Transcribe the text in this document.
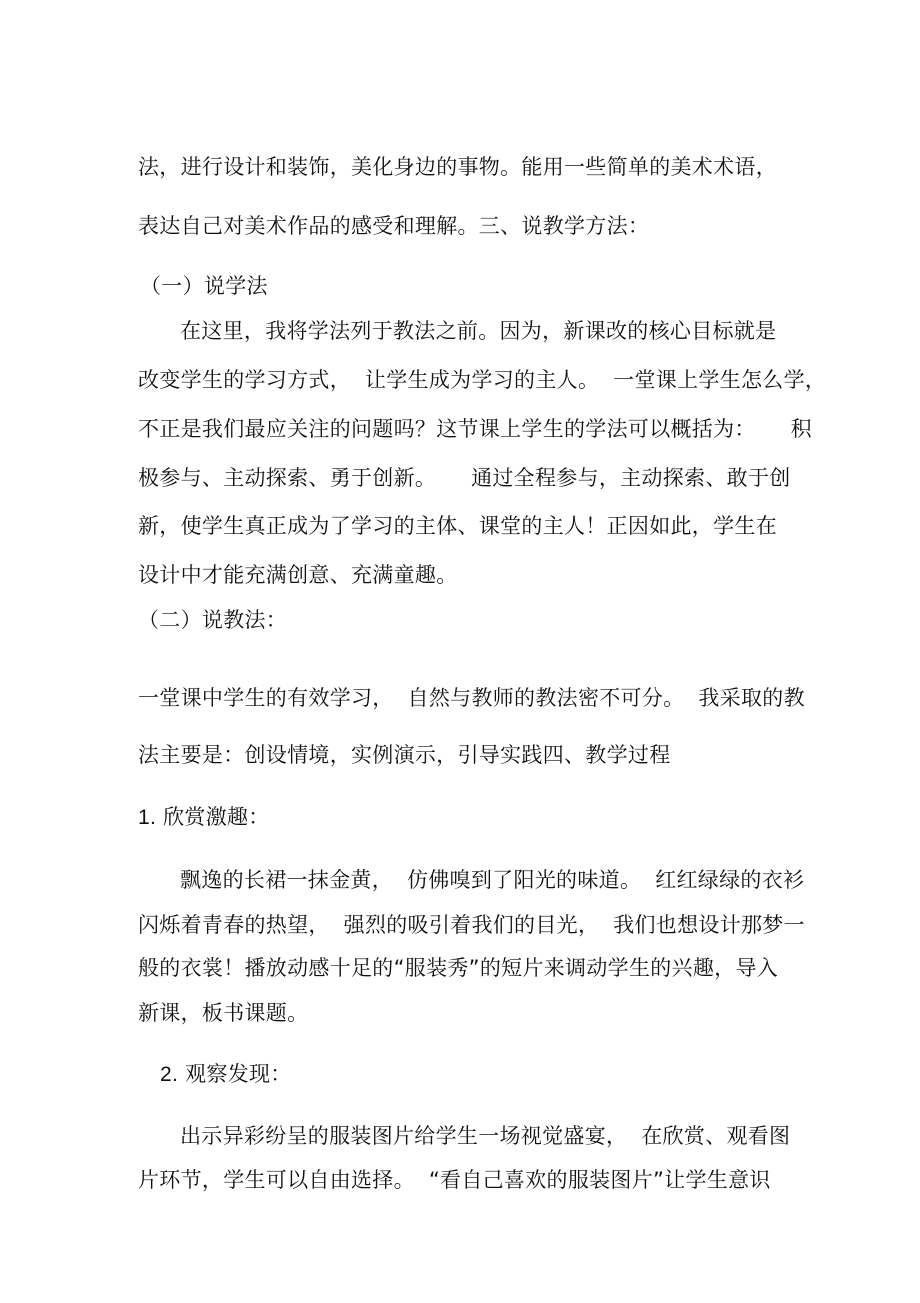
法，进行设计和装饰，美化身边的事物。能用一些简单的美术术语，

表达自己对美术作品的感受和理解。三、说教学方法：

（一）说学法

在这里，我将学法列于教法之前。因为，新课改的核心目标就是

改变学生的学习方式，  让学生成为学习的主人。  一堂课上学生怎么学，

不正是我们最应关注的问题吗？这节课上学生的学法可以概括为：     积

极参与、主动探索、勇于创新。     通过全程参与，主动探索、敢于创

新，使学生真正成为了学习的主体、课堂的主人！正因如此，学生在

设计中才能充满创意、充满童趣。

（二）说教法：

一堂课中学生的有效学习，  自然与教师的教法密不可分。  我采取的教

法主要是：创设情境，实例演示，引导实践四、教学过程

1. 欣赏激趣：

飘逸的长裙一抹金黄，  仿佛嗅到了阳光的味道。  红红绿绿的衣衫

闪烁着青春的热望，  强烈的吸引着我们的目光，  我们也想设计那梦一

般的衣裳！播放动感十足的“服装秀”的短片来调动学生的兴趣，导入

新课，板书课题。

2. 观察发现：

出示异彩纷呈的服装图片给学生一场视觉盛宴，  在欣赏、观看图

片环节，学生可以自由选择。  “看自己喜欢的服装图片”让学生意识
